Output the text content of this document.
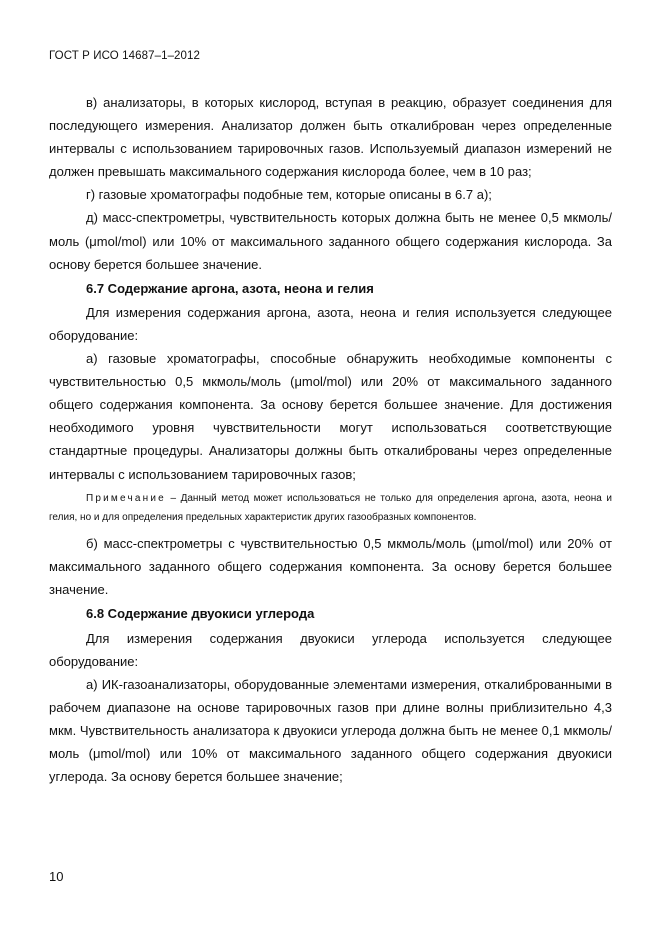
ГОСТ Р ИСО 14687–1–2012

в) анализаторы, в которых кислород, вступая в реакцию, образует соединения для последующего измерения. Анализатор должен быть откалиброван через определенные интервалы с использованием тарировочных газов. Используемый диапазон измерений не должен превышать максимального содержания кислорода более, чем в 10 раз;

г) газовые хроматографы подобные тем, которые описаны в 6.7 а);

д) масс-спектрометры, чувствительность которых должна быть не менее 0,5 мкмоль/моль (μmol/mol) или 10% от максимального заданного общего содержания кислорода. За основу берется большее значение.

6.7 Содержание аргона, азота, неона и гелия

Для измерения содержания аргона, азота, неона и гелия используется следующее оборудование:

а) газовые хроматографы, способные обнаружить необходимые компоненты с чувствительностью 0,5 мкмоль/моль (μmol/mol) или 20% от максимального заданного общего содержания компонента. За основу берется большее значение. Для достижения необходимого уровня чувствительности могут использоваться соответствующие стандартные процедуры. Анализаторы должны быть откалиброваны через определенные интервалы с использованием тарировочных газов;

Примечание – Данный метод может использоваться не только для определения аргона, азота, неона и гелия, но и для определения предельных характеристик других газообразных компонентов.

б) масс-спектрометры с чувствительностью 0,5 мкмоль/моль (μmol/mol) или 20% от максимального заданного общего содержания компонента. За основу берется большее значение.

6.8 Содержание двуокиси углерода

Для измерения содержания двуокиси углерода используется следующее оборудование:

а) ИК-газоанализаторы, оборудованные элементами измерения, откалиброванными в рабочем диапазоне на основе тарировочных газов при длине волны приблизительно 4,3 мкм. Чувствительность анализатора к двуокиси углерода должна быть не менее 0,1 мкмоль/моль (μmol/mol) или 10% от максимального заданного общего содержания двуокиси углерода. За основу берется большее значение;

10
